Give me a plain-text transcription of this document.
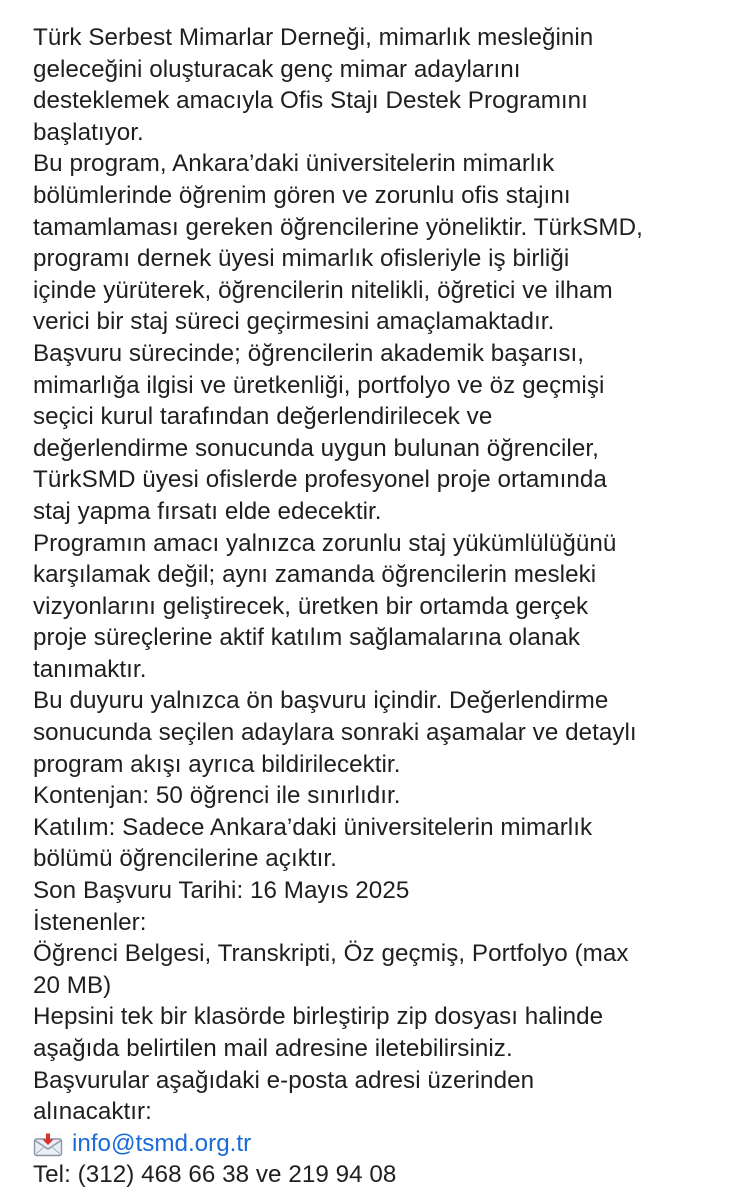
Türk Serbest Mimarlar Derneği, mimarlık mesleğinin
geleceğini oluşturacak genç mimar adaylarını
desteklemek amacıyla Ofis Stajı Destek Programını
başlatıyor.
Bu program, Ankara’daki üniversitelerin mimarlık
bölümlerinde öğrenim gören ve zorunlu ofis stajını
tamamlaması gereken öğrencilerine yöneliktir. TürkSMD,
programı dernek üyesi mimarlık ofisleriyle iş birliği
içinde yürüterek, öğrencilerin nitelikli, öğretici ve ilham
verici bir staj süreci geçirmesini amaçlamaktadır.
Başvuru sürecinde; öğrencilerin akademik başarısı,
mimarlığa ilgisi ve üretkenliği, portfolyo ve öz geçmişi
seçici kurul tarafından değerlendirilecek ve
değerlendirme sonucunda uygun bulunan öğrenciler,
TürkSMD üyesi ofislerde profesyonel proje ortamında
staj yapma fırsatı elde edecektir.
Programın amacı yalnızca zorunlu staj yükümlülüğünü
karşılamak değil; aynı zamanda öğrencilerin mesleki
vizyonlarını geliştirecek, üretken bir ortamda gerçek
proje süreçlerine aktif katılım sağlamalarına olanak
tanımaktır.
Bu duyuru yalnızca ön başvuru içindir. Değerlendirme
sonucunda seçilen adaylara sonraki aşamalar ve detaylı
program akışı ayrıca bildirilecektir.
Kontenjan: 50 öğrenci ile sınırlıdır.
Katılım: Sadece Ankara’daki üniversitelerin mimarlık
bölümü öğrencilerine açıktır.
Son Başvuru Tarihi: 16 Mayıs 2025
İstenenler:
Öğrenci Belgesi, Transkripti, Öz geçmiş, Portfolyo (max
20 MB)
Hepsini tek bir klasörde birleştirip zip dosyası halinde
aşağıda belirtilen mail adresine iletebilirsiniz.
Başvurular aşağıdaki e-posta adresi üzerinden
alınacaktır:
info@tsmd.org.tr
Tel: (312) 468 66 38 ve 219 94 08
